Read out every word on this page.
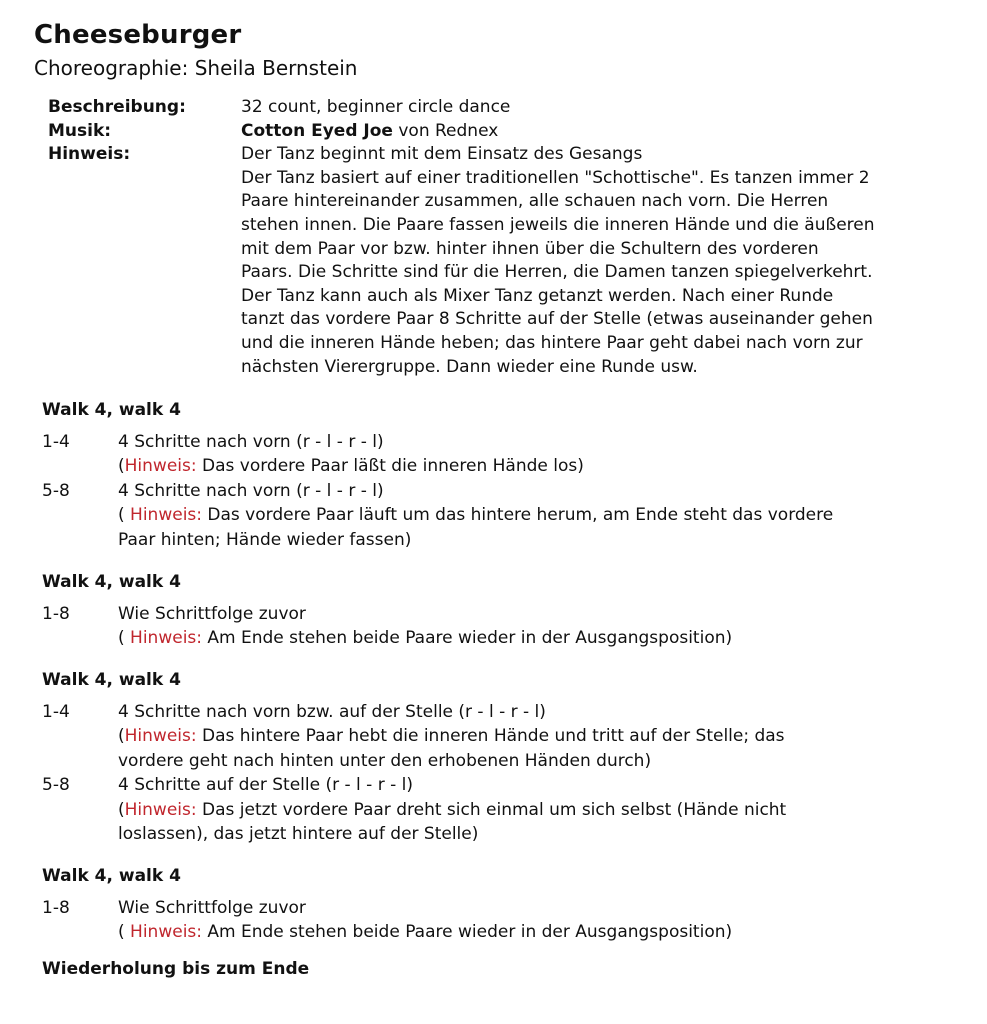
Cheeseburger
Choreographie: Sheila Bernstein
Beschreibung:	32 count, beginner circle dance
Musik:	Cotton Eyed Joe von Rednex
Hinweis:	Der Tanz beginnt mit dem Einsatz des Gesangs
Der Tanz basiert auf einer traditionellen "Schottische". Es tanzen immer 2
Paare hintereinander zusammen, alle schauen nach vorn. Die Herren
stehen innen. Die Paare fassen jeweils die inneren Hände und die äußeren
mit dem Paar vor bzw. hinter ihnen über die Schultern des vorderen
Paars. Die Schritte sind für die Herren, die Damen tanzen spiegelverkehrt.
Der Tanz kann auch als Mixer Tanz getanzt werden. Nach einer Runde
tanzt das vordere Paar 8 Schritte auf der Stelle (etwas auseinander gehen
und die inneren Hände heben; das hintere Paar geht dabei nach vorn zur
nächsten Vierergruppe. Dann wieder eine Runde usw.
Walk 4, walk 4
1-4	4 Schritte nach vorn (r - l - r - l)
(Hinweis: Das vordere Paar läßt die inneren Hände los)
5-8	4 Schritte nach vorn (r - l - r - l)
( Hinweis: Das vordere Paar läuft um das hintere herum, am Ende steht das vordere
Paar hinten; Hände wieder fassen)
Walk 4, walk 4
1-8	Wie Schrittfolge zuvor
( Hinweis: Am Ende stehen beide Paare wieder in der Ausgangsposition)
Walk 4, walk 4
1-4	4 Schritte nach vorn bzw. auf der Stelle (r - l - r - l)
(Hinweis: Das hintere Paar hebt die inneren Hände und tritt auf der Stelle; das
vordere geht nach hinten unter den erhobenen Händen durch)
5-8	4 Schritte auf der Stelle (r - l - r - l)
(Hinweis: Das jetzt vordere Paar dreht sich einmal um sich selbst (Hände nicht
loslassen), das jetzt hintere auf der Stelle)
Walk 4, walk 4
1-8	Wie Schrittfolge zuvor
( Hinweis: Am Ende stehen beide Paare wieder in der Ausgangsposition)
Wiederholung bis zum Ende
